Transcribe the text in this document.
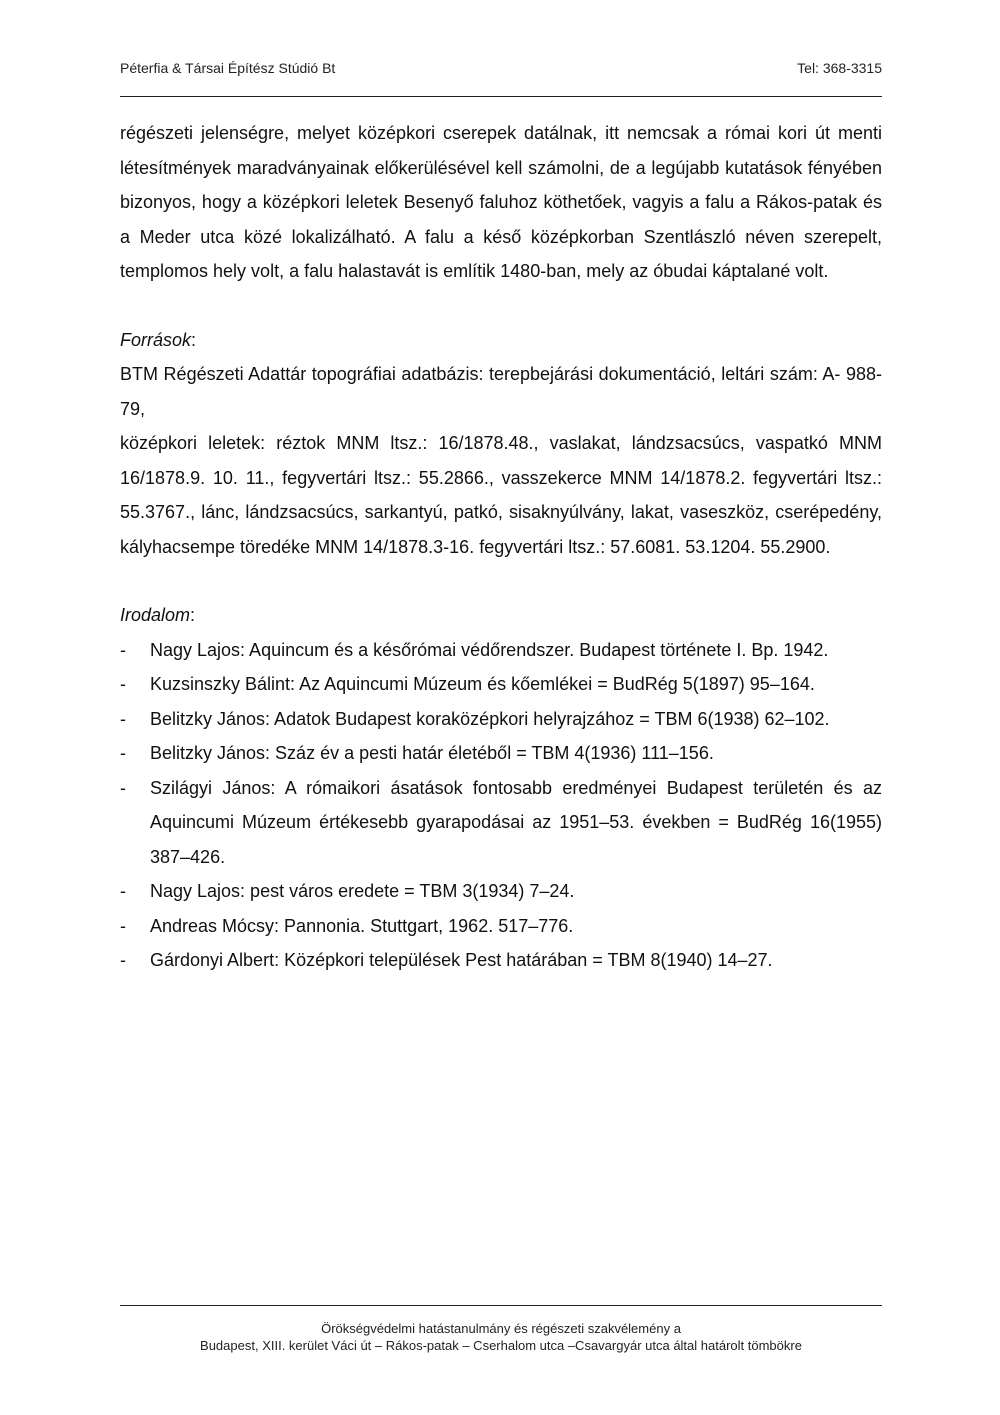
Péterfia & Társai Építész Stúdió Bt	Tel: 368-3315

régészeti jelenségre, melyet középkori cserepek datálnak, itt nemcsak a római kori út menti létesítmények maradványainak előkerülésével kell számolni, de a legújabb kutatások fényében bizonyos, hogy a középkori leletek Besenyő faluhoz köthetőek, vagyis a falu a Rákos-patak és a Meder utca közé lokalizálható. A falu a késő középkorban Szentlászló néven szerepelt, templomos hely volt, a falu halastavát is említik 1480-ban, mely az óbudai káptalané volt.

Források:

BTM Régészeti Adattár topográfiai adatbázis: terepbejárási dokumentáció, leltári szám: A- 988-79,

középkori leletek: réztok MNM ltsz.: 16/1878.48., vaslakat, lándzsacsúcs, vaspatkó MNM 16/1878.9. 10. 11., fegyvertári ltsz.: 55.2866., vasszekerce MNM 14/1878.2. fegyvertári ltsz.: 55.3767., lánc, lándzsacsúcs, sarkantyú, patkó, sisaknyúlvány, lakat, vaseszköz, cserépedény, kályhacsempe töredéke MNM 14/1878.3-16. fegyvertári ltsz.: 57.6081. 53.1204. 55.2900.

Irodalom:

- Nagy Lajos: Aquincum és a későrómai védőrendszer. Budapest története I. Bp. 1942.
- Kuzsinszky Bálint: Az Aquincumi Múzeum és kőemlékei = BudRég 5(1897) 95–164.
- Belitzky János: Adatok Budapest koraközépkori helyrajzához = TBM 6(1938) 62–102.
- Belitzky János: Száz év a pesti határ életéből = TBM 4(1936) 111–156.
- Szilágyi János: A rómaikori ásatások fontosabb eredményei Budapest területén és az Aquincumi Múzeum értékesebb gyarapodásai az 1951–53. években = BudRég 16(1955) 387–426.
- Nagy Lajos: pest város eredete = TBM 3(1934) 7–24.
- Andreas Mócsy: Pannonia. Stuttgart, 1962. 517–776.
- Gárdonyi Albert: Középkori települések Pest határában = TBM 8(1940) 14–27.
Örökségvédelmi hatástanulmány és régészeti szakvélemény a
Budapest, XIII. kerület Váci út – Rákos-patak – Cserhalom utca –Csavargyár utca által határolt tömbökre
